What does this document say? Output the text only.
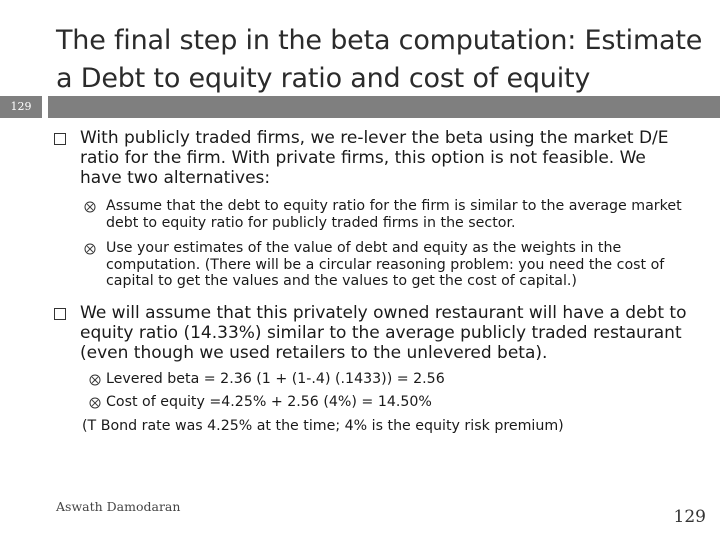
The final step in the beta computation: Estimate a Debt to equity ratio and cost of equity
129
With publicly traded firms, we re-lever the beta using the market D/E ratio for the firm. With private firms, this option is not feasible. We have two alternatives:
Assume that the debt to equity ratio for the firm is similar to the average market debt to equity ratio for publicly traded firms in the sector.
Use your estimates of the value of debt and equity as the weights in the computation. (There will be a circular reasoning problem: you need the cost of capital to get the values and the values to get the cost of capital.)
We will assume that this privately owned restaurant will have a debt to equity ratio (14.33%) similar to the average publicly traded restaurant (even though we used retailers to the unlevered beta).
Levered beta = 2.36 (1 + (1-.4) (.1433)) = 2.56
Cost of equity =4.25% + 2.56 (4%) = 14.50%
(T Bond rate was 4.25% at the time; 4% is the equity risk premium)
Aswath Damodaran
129
